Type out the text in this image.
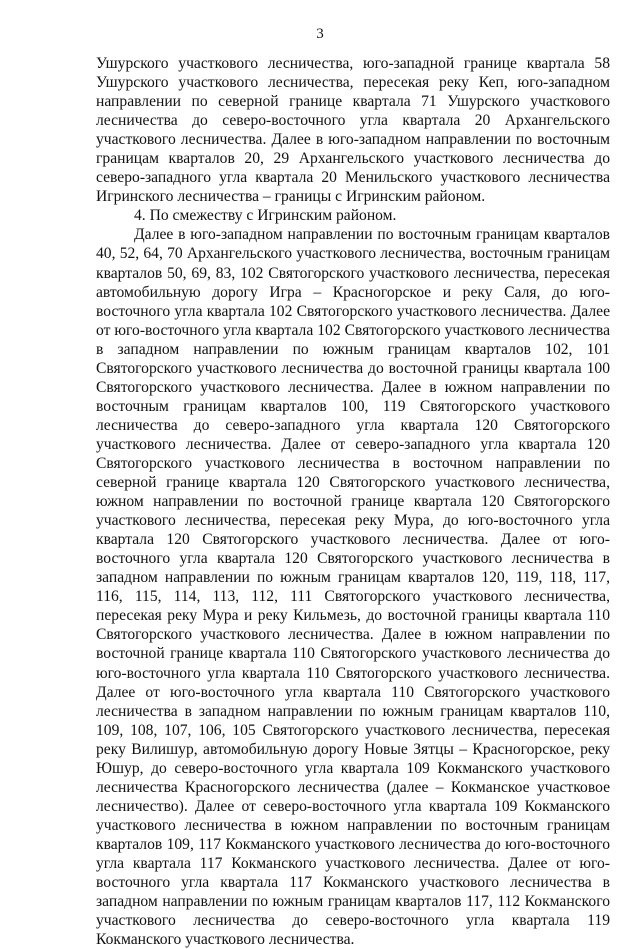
3

Ушурского участкового лесничества, юго-западной границе квартала 58 Ушурского участкового лесничества, пересекая реку Кеп, юго-западном направлении по северной границе квартала 71 Ушурского участкового лесничества до северо-восточного угла квартала 20 Архангельского участкового лесничества. Далее в юго-западном направлении по восточным границам кварталов 20, 29 Архангельского участкового лесничества до северо-западного угла квартала 20 Менильского участкового лесничества Игринского лесничества – границы с Игринским районом.

4. По смежеству с Игринским районом.

Далее в юго-западном направлении по восточным границам кварталов 40, 52, 64, 70 Архангельского участкового лесничества, восточным границам кварталов 50, 69, 83, 102 Святогорского участкового лесничества, пересекая автомобильную дорогу Игра – Красногорское и реку Саля, до юго-восточного угла квартала 102 Святогорского участкового лесничества. Далее от юго-восточного угла квартала 102 Святогорского участкового лесничества в западном направлении по южным границам кварталов 102, 101 Святогорского участкового лесничества до восточной границы квартала 100 Святогорского участкового лесничества. Далее в южном направлении по восточным границам кварталов 100, 119 Святогорского участкового лесничества до северо-западного угла квартала 120 Святогорского участкового лесничества. Далее от северо-западного угла квартала 120 Святогорского участкового лесничества в восточном направлении по северной границе квартала 120 Святогорского участкового лесничества, южном направлении по восточной границе квартала 120 Святогорского участкового лесничества, пересекая реку Мура, до юго-восточного угла квартала 120 Святогорского участкового лесничества. Далее от юго-восточного угла квартала 120 Святогорского участкового лесничества в западном направлении по южным границам кварталов 120, 119, 118, 117, 116, 115, 114, 113, 112, 111 Святогорского участкового лесничества, пересекая реку Мура и реку Кильмезь, до восточной границы квартала 110 Святогорского участкового лесничества. Далее в южном направлении по восточной границе квартала 110 Святогорского участкового лесничества до юго-восточного угла квартала 110 Святогорского участкового лесничества. Далее от юго-восточного угла квартала 110 Святогорского участкового лесничества в западном направлении по южным границам кварталов 110, 109, 108, 107, 106, 105 Святогорского участкового лесничества, пересекая реку Вилишур, автомобильную дорогу Новые Зятцы – Красногорское, реку Юшур, до северо-восточного угла квартала 109 Кокманского участкового лесничества Красногорского лесничества (далее – Кокманское участковое лесничество). Далее от северо-восточного угла квартала 109 Кокманского участкового лесничества в южном направлении по восточным границам кварталов 109, 117 Кокманского участкового лесничества до юго-восточного угла квартала 117 Кокманского участкового лесничества. Далее от юго-восточного угла квартала 117 Кокманского участкового лесничества в западном направлении по южным границам кварталов 117, 112 Кокманского участкового лесничества до северо-восточного угла квартала 119 Кокманского участкового лесничества.
